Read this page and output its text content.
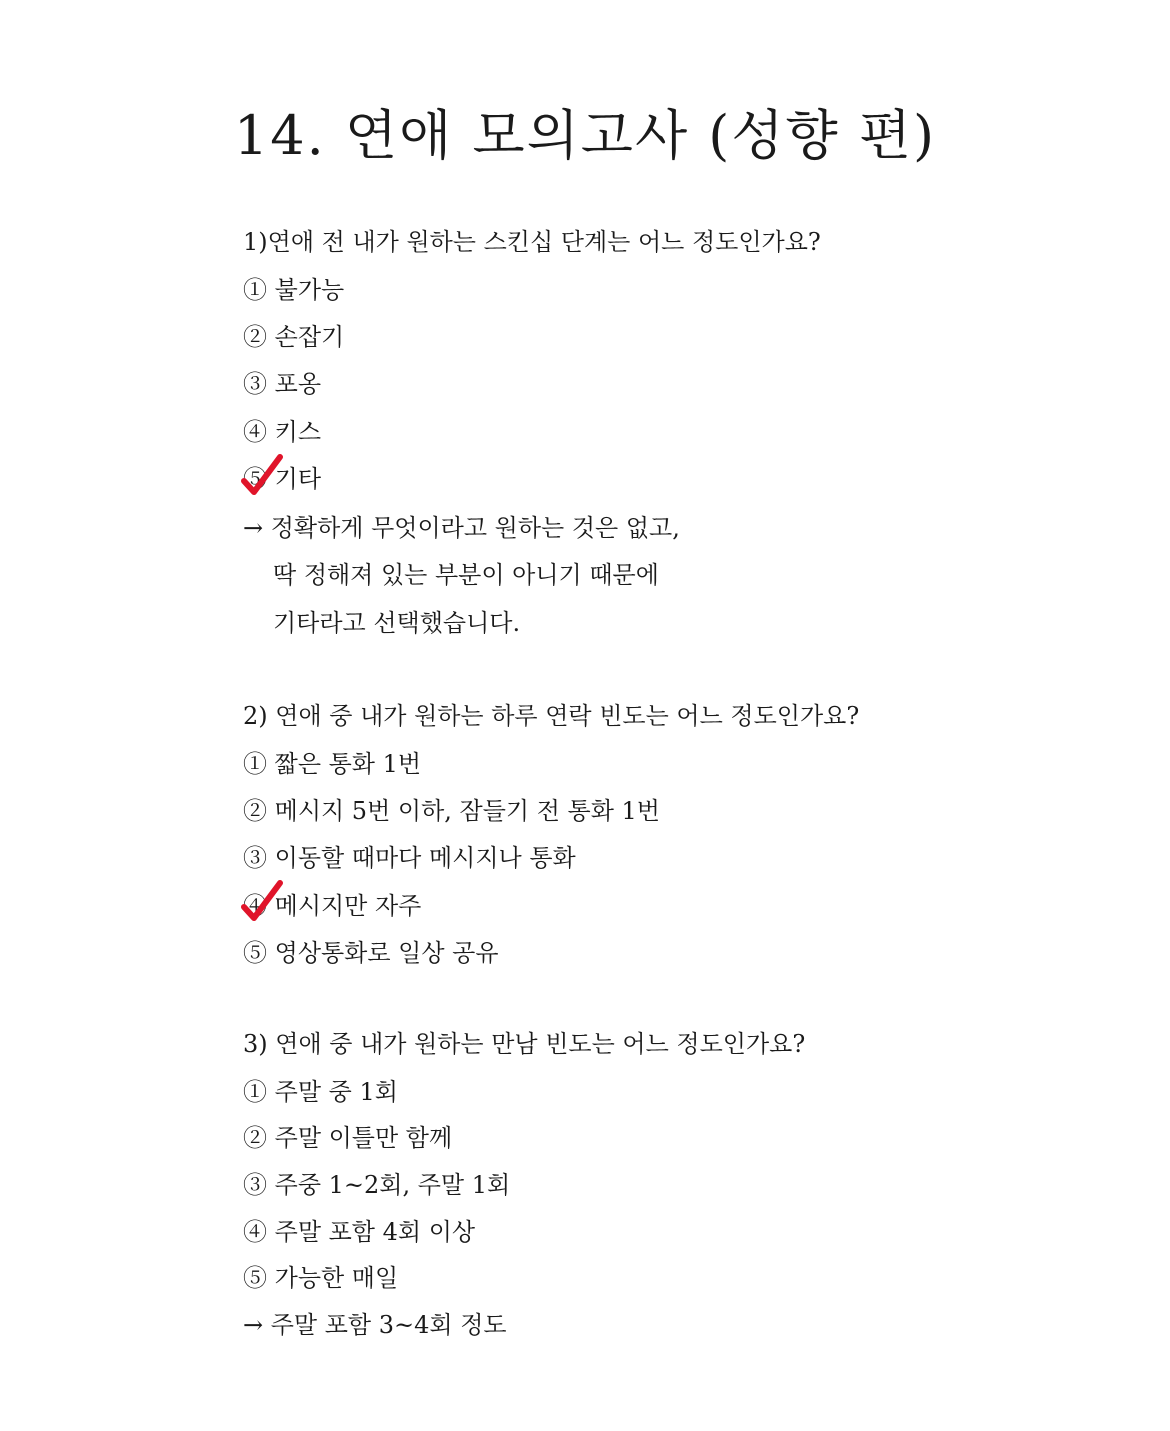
14. 연애 모의고사 (성향 편)
1)연애 전 내가 원하는 스킨십 단계는 어느 정도인가요?
① 불가능
② 손잡기
③ 포옹
④ 키스
⑤ 기타
→ 정확하게 무엇이라고 원하는 것은 없고,
딱 정해져 있는 부분이 아니기 때문에
기타라고 선택했습니다.
2) 연애 중 내가 원하는 하루 연락 빈도는 어느 정도인가요?
① 짧은 통화 1번
② 메시지 5번 이하, 잠들기 전 통화 1번
③ 이동할 때마다 메시지나 통화
④ 메시지만 자주
⑤ 영상통화로 일상 공유
3) 연애 중 내가 원하는 만남 빈도는 어느 정도인가요?
① 주말 중 1회
② 주말 이틀만 함께
③ 주중 1~2회, 주말 1회
④ 주말 포함 4회 이상
⑤ 가능한 매일
→ 주말 포함 3~4회 정도
